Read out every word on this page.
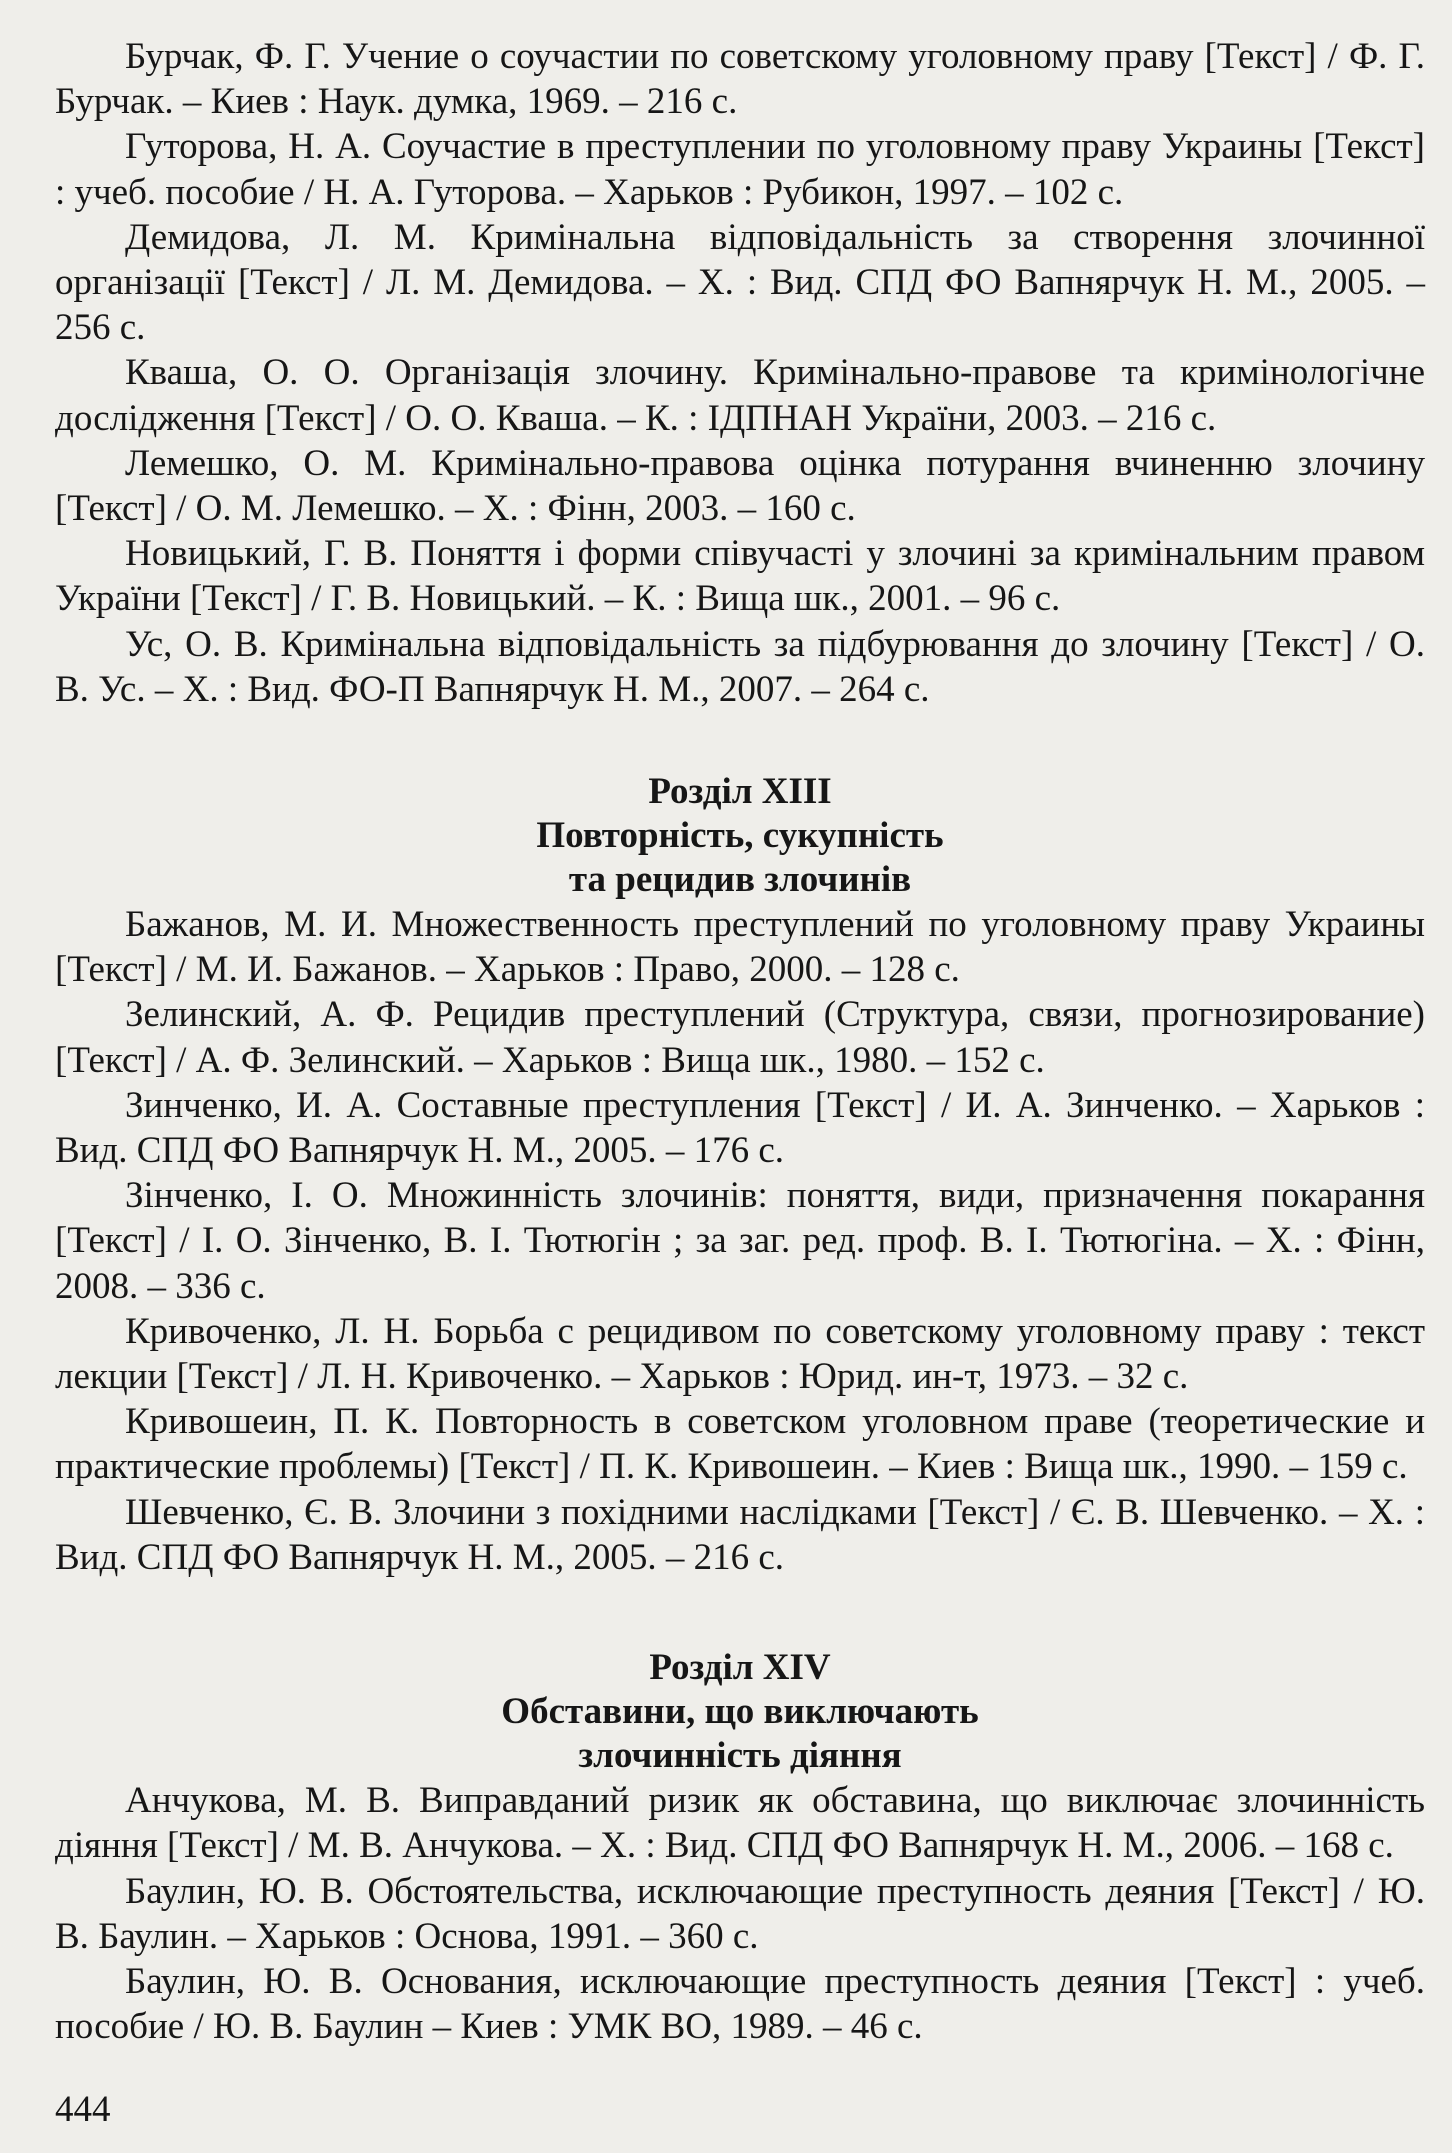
Бурчак, Ф. Г. Учение о соучастии по советскому уголовному праву [Текст] / Ф. Г. Бурчак. – Киев : Наук. думка, 1969. – 216 с.

Гуторова, Н. А. Соучастие в преступлении по уголовному праву Украины [Текст] : учеб. пособие / Н. А. Гуторова. – Харьков : Рубикон, 1997. – 102 с.

Демидова, Л. М. Кримінальна відповідальність за створення злочинної організації [Текст] / Л. М. Демидова. – Х. : Вид. СПД ФО Вапнярчук Н. М., 2005. – 256 с.

Кваша, О. О. Організація злочину. Кримінально-правове та кримінологічне дослідження [Текст] / О. О. Кваша. – К. : ІДПНАН України, 2003. – 216 с.

Лемешко, О. М. Кримінально-правова оцінка потурання вчиненню злочину [Текст] / О. М. Лемешко. – Х. : Фінн, 2003. – 160 с.

Новицький, Г. В. Поняття і форми співучасті у злочині за кримінальним правом України [Текст] / Г. В. Новицький. – К. : Вища шк., 2001. – 96 с.

Ус, О. В. Кримінальна відповідальність за підбурювання до злочину [Текст] / О. В. Ус. – Х. : Вид. ФО-П Вапнярчук Н. М., 2007. – 264 с.

Розділ XIII

Повторність, сукупність

та рецидив злочинів

Бажанов, М. И. Множественность преступлений по уголовному праву Украины [Текст] / М. И. Бажанов. – Харьков : Право, 2000. – 128 с.

Зелинский, А. Ф. Рецидив преступлений (Структура, связи, прогнозирование) [Текст] / А. Ф. Зелинский. – Харьков : Вища шк., 1980. – 152 с.

Зинченко, И. А. Составные преступления [Текст] / И. А. Зинченко. – Харьков : Вид. СПД ФО Вапнярчук Н. М., 2005. – 176 с.

Зінченко, І. О. Множинність злочинів: поняття, види, призначення покарання [Текст] / І. О. Зінченко, В. І. Тютюгін ; за заг. ред. проф. В. І. Тютюгіна. – Х. : Фінн, 2008. – 336 с.

Кривоченко, Л. Н. Борьба с рецидивом по советскому уголовному праву : текст лекции [Текст] / Л. Н. Кривоченко. – Харьков : Юрид. ин-т, 1973. – 32 с.

Кривошеин, П. К. Повторность в советском уголовном праве (теоретические и практические проблемы) [Текст] / П. К. Кривошеин. – Киев : Вища шк., 1990. – 159 с.

Шевченко, Є. В. Злочини з похідними наслідками [Текст] / Є. В. Шевченко. – Х. : Вид. СПД ФО Вапнярчук Н. М., 2005. – 216 с.

Розділ XIV

Обставини, що виключають

злочинність діяння

Анчукова, М. В. Виправданий ризик як обставина, що виключає злочинність діяння [Текст] / М. В. Анчукова. – Х. : Вид. СПД ФО Вапнярчук Н. М., 2006. – 168 с.

Баулин, Ю. В. Обстоятельства, исключающие преступность деяния [Текст] / Ю. В. Баулин. – Харьков : Основа, 1991. – 360 с.

Баулин, Ю. В. Основания, исключающие преступность деяния [Текст] : учеб. пособие / Ю. В. Баулин – Киев : УМК ВО, 1989. – 46 с.

444
